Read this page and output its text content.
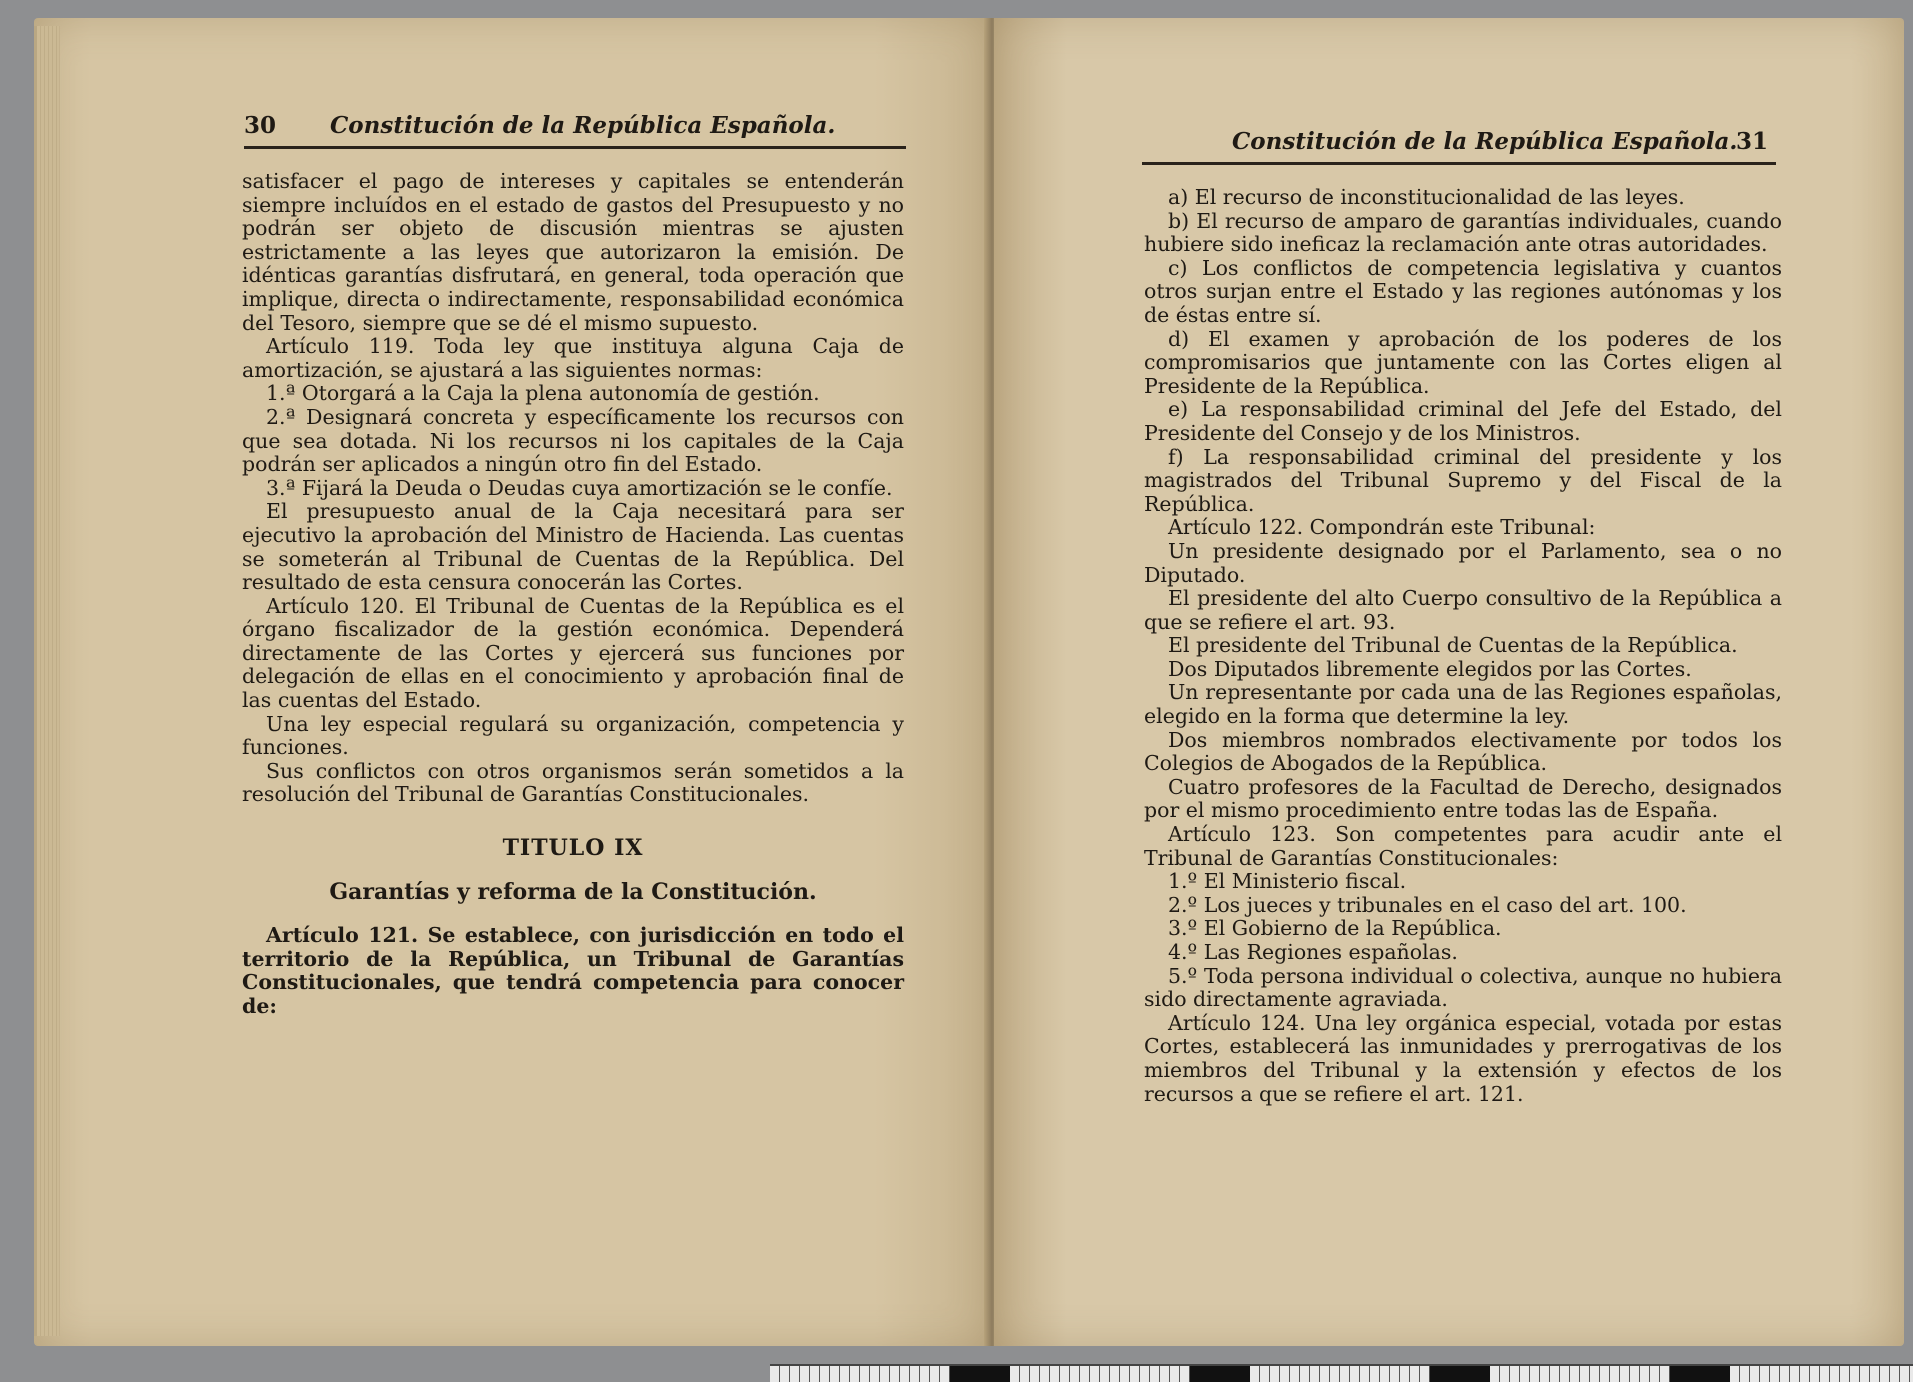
30 Constitución de la República Española.

satisfacer el pago de intereses y capitales se entenderán siempre incluídos en el estado de gastos del Presupuesto y no podrán ser objeto de discusión mientras se ajusten estrictamente a las leyes que autorizaron la emisión. De idénticas garantías disfrutará, en general, toda operación que implique, directa o indirectamente, responsabilidad económica del Tesoro, siempre que se dé el mismo supuesto.

Artículo 119. Toda ley que instituya alguna Caja de amortización, se ajustará a las siguientes normas:

1.ª Otorgará a la Caja la plena autonomía de gestión.

2.ª Designará concreta y específicamente los recursos con que sea dotada. Ni los recursos ni los capitales de la Caja podrán ser aplicados a ningún otro fin del Estado.

3.ª Fijará la Deuda o Deudas cuya amortización se le confíe.

El presupuesto anual de la Caja necesitará para ser ejecutivo la aprobación del Ministro de Hacienda. Las cuentas se someterán al Tribunal de Cuentas de la República. Del resultado de esta censura conocerán las Cortes.

Artículo 120. El Tribunal de Cuentas de la República es el órgano fiscalizador de la gestión económica. Dependerá directamente de las Cortes y ejercerá sus funciones por delegación de ellas en el conocimiento y aprobación final de las cuentas del Estado.

Una ley especial regulará su organización, competencia y funciones.

Sus conflictos con otros organismos serán sometidos a la resolución del Tribunal de Garantías Constitucionales.

TITULO IX
Garantías y reforma de la Constitución.

Artículo 121. Se establece, con jurisdicción en todo el territorio de la República, un Tribunal de Garantías Constitucionales, que tendrá competencia para conocer de:

Constitución de la República Española.
31

a) El recurso de inconstitucionalidad de las leyes.

b) El recurso de amparo de garantías individuales, cuando hubiere sido ineficaz la reclamación ante otras autoridades.

c) Los conflictos de competencia legislativa y cuantos otros surjan entre el Estado y las regiones autónomas y los de éstas entre sí.

d) El examen y aprobación de los poderes de los compromisarios que juntamente con las Cortes eligen al Presidente de la República.

e) La responsabilidad criminal del Jefe del Estado, del Presidente del Consejo y de los Ministros.

f) La responsabilidad criminal del presidente y los magistrados del Tribunal Supremo y del Fiscal de la República.

Artículo 122. Compondrán este Tribunal:

Un presidente designado por el Parlamento, sea o no Diputado.

El presidente del alto Cuerpo consultivo de la República a que se refiere el art. 93.

El presidente del Tribunal de Cuentas de la República.

Dos Diputados libremente elegidos por las Cortes.

Un representante por cada una de las Regiones españolas, elegido en la forma que determine la ley.

Dos miembros nombrados electivamente por todos los Colegios de Abogados de la República.

Cuatro profesores de la Facultad de Derecho, designados por el mismo procedimiento entre todas las de España.

Artículo 123. Son competentes para acudir ante el Tribunal de Garantías Constitucionales:

1.º El Ministerio fiscal.

2.º Los jueces y tribunales en el caso del art. 100.

3.º El Gobierno de la República.

4.º Las Regiones españolas.

5.º Toda persona individual o colectiva, aunque no hubiera sido directamente agraviada.

Artículo 124. Una ley orgánica especial, votada por estas Cortes, establecerá las inmunidades y prerrogativas de los miembros del Tribunal y la extensión y efectos de los recursos a que se refiere el art. 121.
